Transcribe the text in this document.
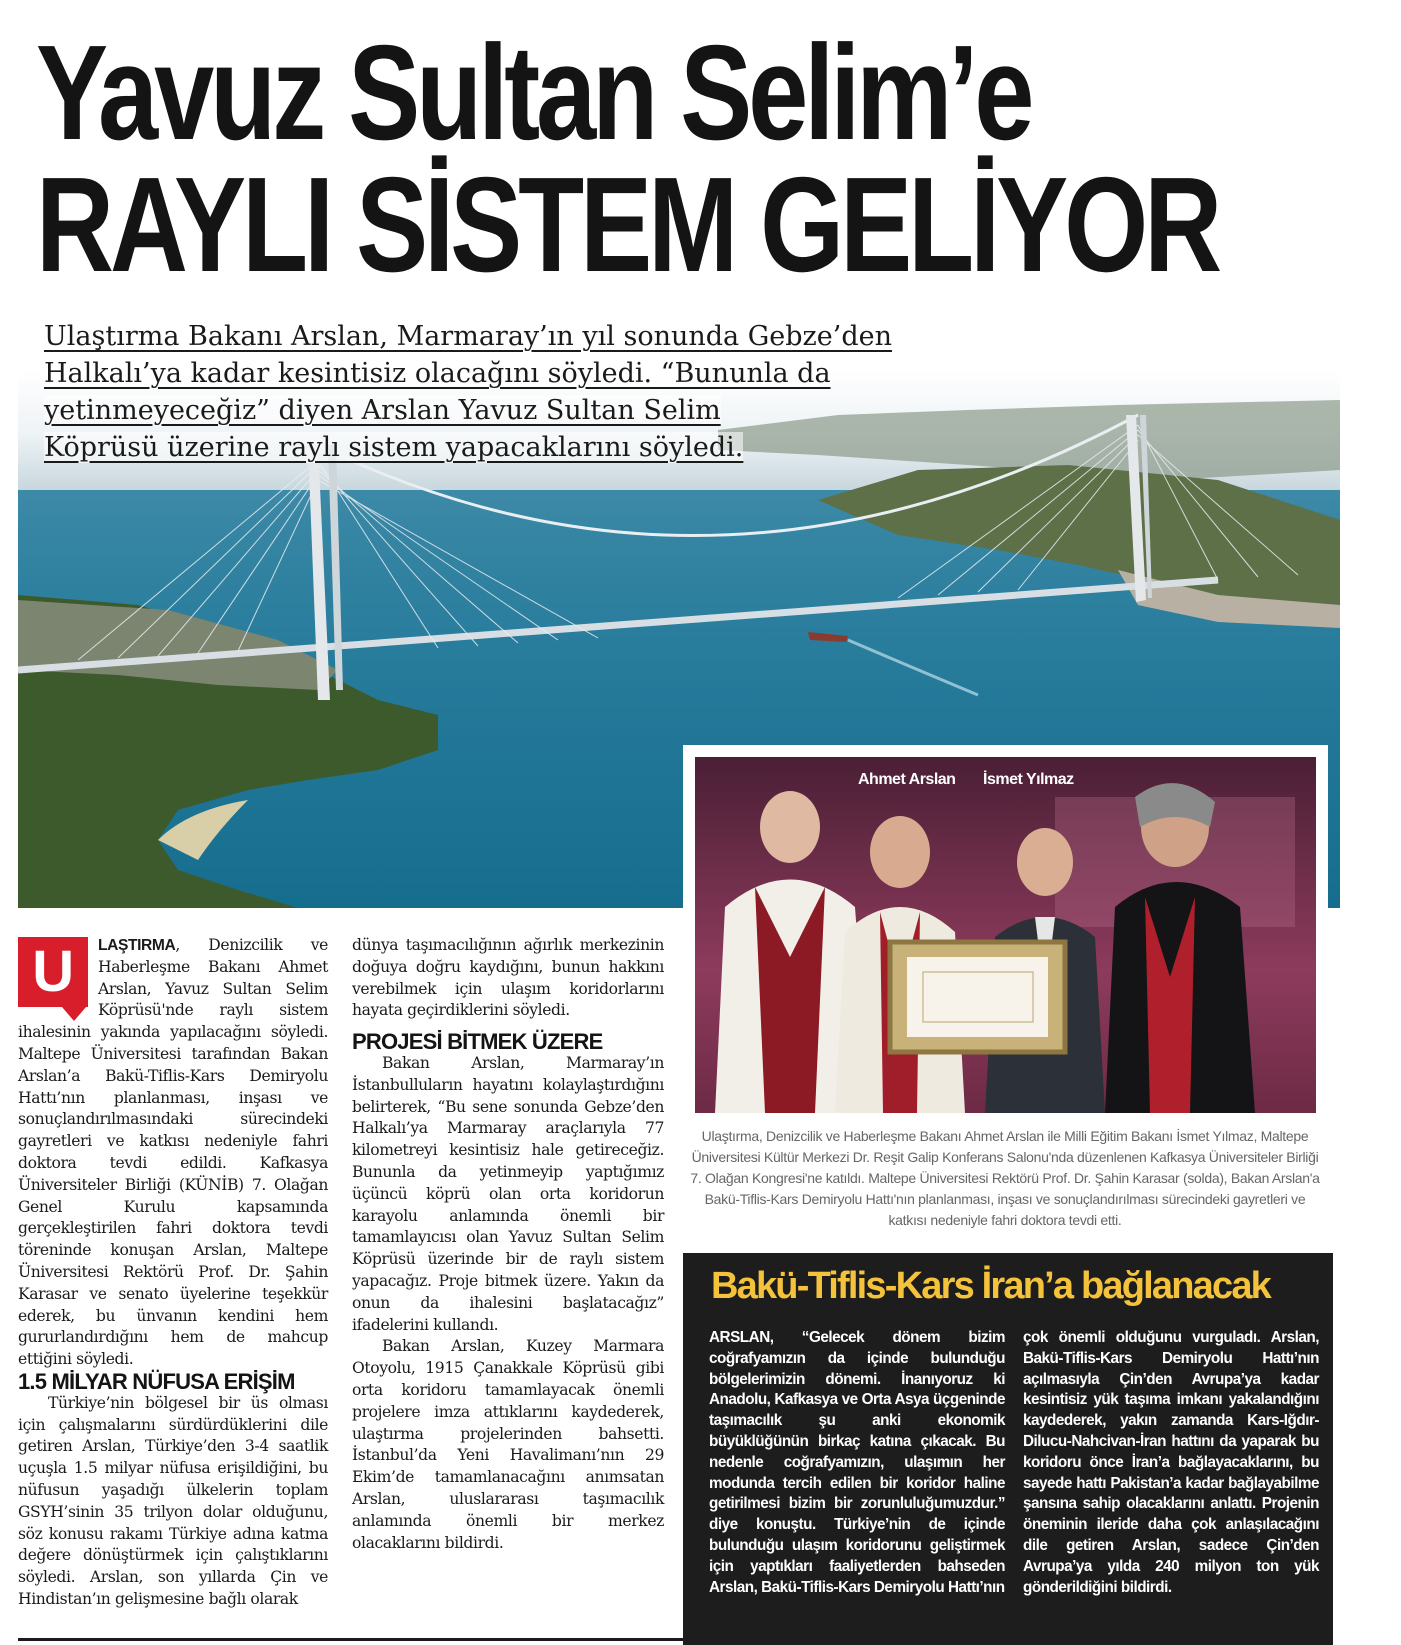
Yavuz Sultan Selim’e
RAYLI SİSTEM GELİYOR
Ulaştırma Bakanı Arslan, Marmaray’ın yıl sonunda Gebze’den
Halkalı’ya kadar kesintisiz olacağını söyledi. “Bununla da
yetinmeyeceğiz” diyen Arslan Yavuz Sultan Selim
Köprüsü üzerine raylı sistem yapacaklarını söyledi.
Ahmet Arslan İsmet Yılmaz
Ulaştırma, Denizcilik ve Haberleşme Bakanı Ahmet Arslan ile Milli Eğitim Bakanı İsmet Yılmaz, Maltepe Üniversitesi Kültür Merkezi Dr. Reşit Galip Konferans Salonu'nda düzenlenen Kafkasya Üniversiteler Birliği 7. Olağan Kongresi'ne katıldı. Maltepe Üniversitesi Rektörü Prof. Dr. Şahin Karasar (solda), Bakan Arslan'a Bakü-Tiflis-Kars Demiryolu Hattı'nın planlanması, inşası ve sonuçlandırılması sürecindeki gayretleri ve katkısı nedeniyle fahri doktora tevdi etti.

U	LAŞTIRMA, Denizcilik ve Haberleşme Bakanı Ahmet Arslan, Yavuz Sultan Selim Köprüsü'nde raylı sistem ihalesinin yakında yapılacağını söyledi. Maltepe Üniversitesi tarafından Bakan Arslan’a Bakü-Tiflis-Kars Demiryolu Hattı’nın planlanması, inşası ve sonuçlandırılmasındaki sürecindeki gayretleri ve katkısı nedeniyle fahri doktora tevdi edildi. Kafkasya Üniversiteler Birliği (KÜNİB) 7. Olağan Genel Kurulu kapsamında gerçekleştirilen fahri doktora tevdi töreninde konuşan Arslan, Maltepe Üniversitesi Rektörü Prof. Dr. Şahin Karasar ve senato üyelerine teşekkür ederek, bu ünvanın kendini hem gururlandırdığını hem de mahcup ettiğini söyledi.

1.5 MİLYAR NÜFUSA ERİŞİM

Türkiye’nin bölgesel bir üs olması için çalışmalarını sürdürdüklerini dile getiren Arslan, Türkiye’den 3-4 saatlik uçuşla 1.5 milyar nüfusa erişildiğini, bu nüfusun yaşadığı ülkelerin toplam GSYH’sinin 35 trilyon dolar olduğunu, söz konusu rakamı Türkiye adına katma değere dönüştürmek için çalıştıklarını söyledi. Arslan, son yıllarda Çin ve Hindistan’ın gelişmesine bağlı olarak

dünya taşımacılığının ağırlık merkezinin doğuya doğru kaydığını, bunun hakkını verebilmek için ulaşım koridorlarını hayata geçirdiklerini söyledi.

PROJESİ BİTMEK ÜZERE

Bakan Arslan, Marmaray’ın İstanbulluların hayatını kolaylaştırdığını belirterek, “Bu sene sonunda Gebze’den Halkalı’ya Marmaray araçlarıyla 77 kilometreyi kesintisiz hale getireceğiz. Bununla da yetinmeyip yaptığımız üçüncü köprü olan orta koridorun karayolu anlamında önemli bir tamamlayıcısı olan Yavuz Sultan Selim Köprüsü üzerinde bir de raylı sistem yapacağız. Proje bitmek üzere. Yakın da onun da ihalesini başlatacağız” ifadelerini kullandı.

Bakan Arslan, Kuzey Marmara Otoyolu, 1915 Çanakkale Köprüsü gibi orta koridoru tamamlayacak önemli projelere imza attıklarını kaydederek, ulaştırma projelerinden bahsetti. İstanbul’da Yeni Havalimanı’nın 29 Ekim’de tamamlanacağını anımsatan Arslan, uluslararası taşımacılık anlamında önemli bir merkez olacaklarını bildirdi.

Bakü-Tiflis-Kars İran’a bağlanacak
ARSLAN, “Gelecek dönem bizim coğrafyamızın da içinde bulunduğu bölgelerimizin dönemi. İnanıyoruz ki Anadolu, Kafkasya ve Orta Asya üçgeninde taşımacılık şu anki ekonomik büyüklüğünün birkaç katına çıkacak. Bu nedenle coğrafyamızın, ulaşımın her modunda tercih edilen bir koridor haline getirilmesi bizim bir zorunluluğumuzdur.” diye konuştu. Türkiye’nin de içinde bulunduğu ulaşım koridorunu geliştirmek için yaptıkları faaliyetlerden bahseden Arslan, Bakü-Tiflis-Kars Demiryolu Hattı’nın
çok önemli olduğunu vurguladı. Arslan, Bakü-Tiflis-Kars Demiryolu Hattı’nın açılmasıyla Çin’den Avrupa’ya kadar kesintisiz yük taşıma imkanı yakalandığını kaydederek, yakın zamanda Kars-Iğdır-Dilucu-Nahcivan-İran hattını da yaparak bu koridoru önce İran’a bağlayacaklarını, bu sayede hattı Pakistan’a kadar bağlayabilme şansına sahip olacaklarını anlattı. Projenin öneminin ileride daha çok anlaşılacağını dile getiren Arslan, sadece Çin’den Avrupa’ya yılda 240 milyon ton yük gönderildiğini bildirdi.
